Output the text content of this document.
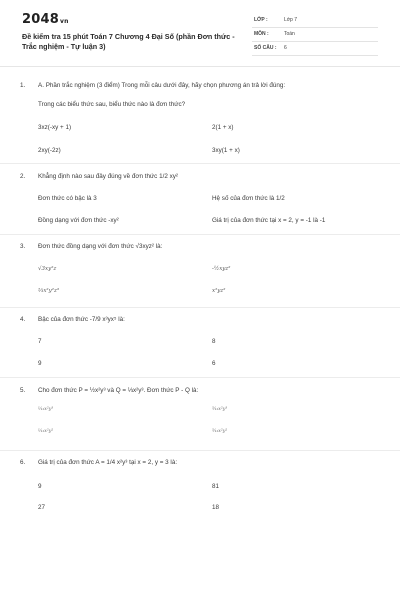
2048vn
Đề kiểm tra 15 phút Toán 7 Chương 4 Đại Số (phần Đơn thức - Trắc nghiệm - Tự luận 3)
LỚP :	Lớp 7
MÔN :	Toán
SỐ CÂU : 6
1. A. Phần trắc nghiệm (3 điểm) Trong mỗi câu dưới đây, hãy chọn phương án trả lời đúng:
Trong các biểu thức sau, biểu thức nào là đơn thức?
3xz(-xy + 1)	2(1 + x)
2xy(-2z)	3xy(1 + x)
2. Khẳng định nào sau đây đúng về đơn thức 1/2 xy²
Đơn thức có bậc là 3	Hệ số của đơn thức là 1/2
Đồng dạng với đơn thức -xy²	Giá trị của đơn thức tại x = 2, y = -1 là -1
3. Đơn thức đồng dạng với đơn thức √3xyz² là:
√3xy²z	-½xyz²
⅔x²y²z³	x²yz²
4. Bậc của đơn thức -7/9 x³yx⁵ là:
7	8
9	6
5. Cho đơn thức P = ½x²y³ và Q = ⅓x²y³. Đơn thức P - Q là:
¹⁄₁₂x²y³	⁵⁄₁₂x²y³
¹⁄₁₂x²y²	⁵⁄₁₂x²y²
6. Giá trị của đơn thức A = 1/4 x²y³ tại x = 2, y = 3 là:
9	81
27	18
